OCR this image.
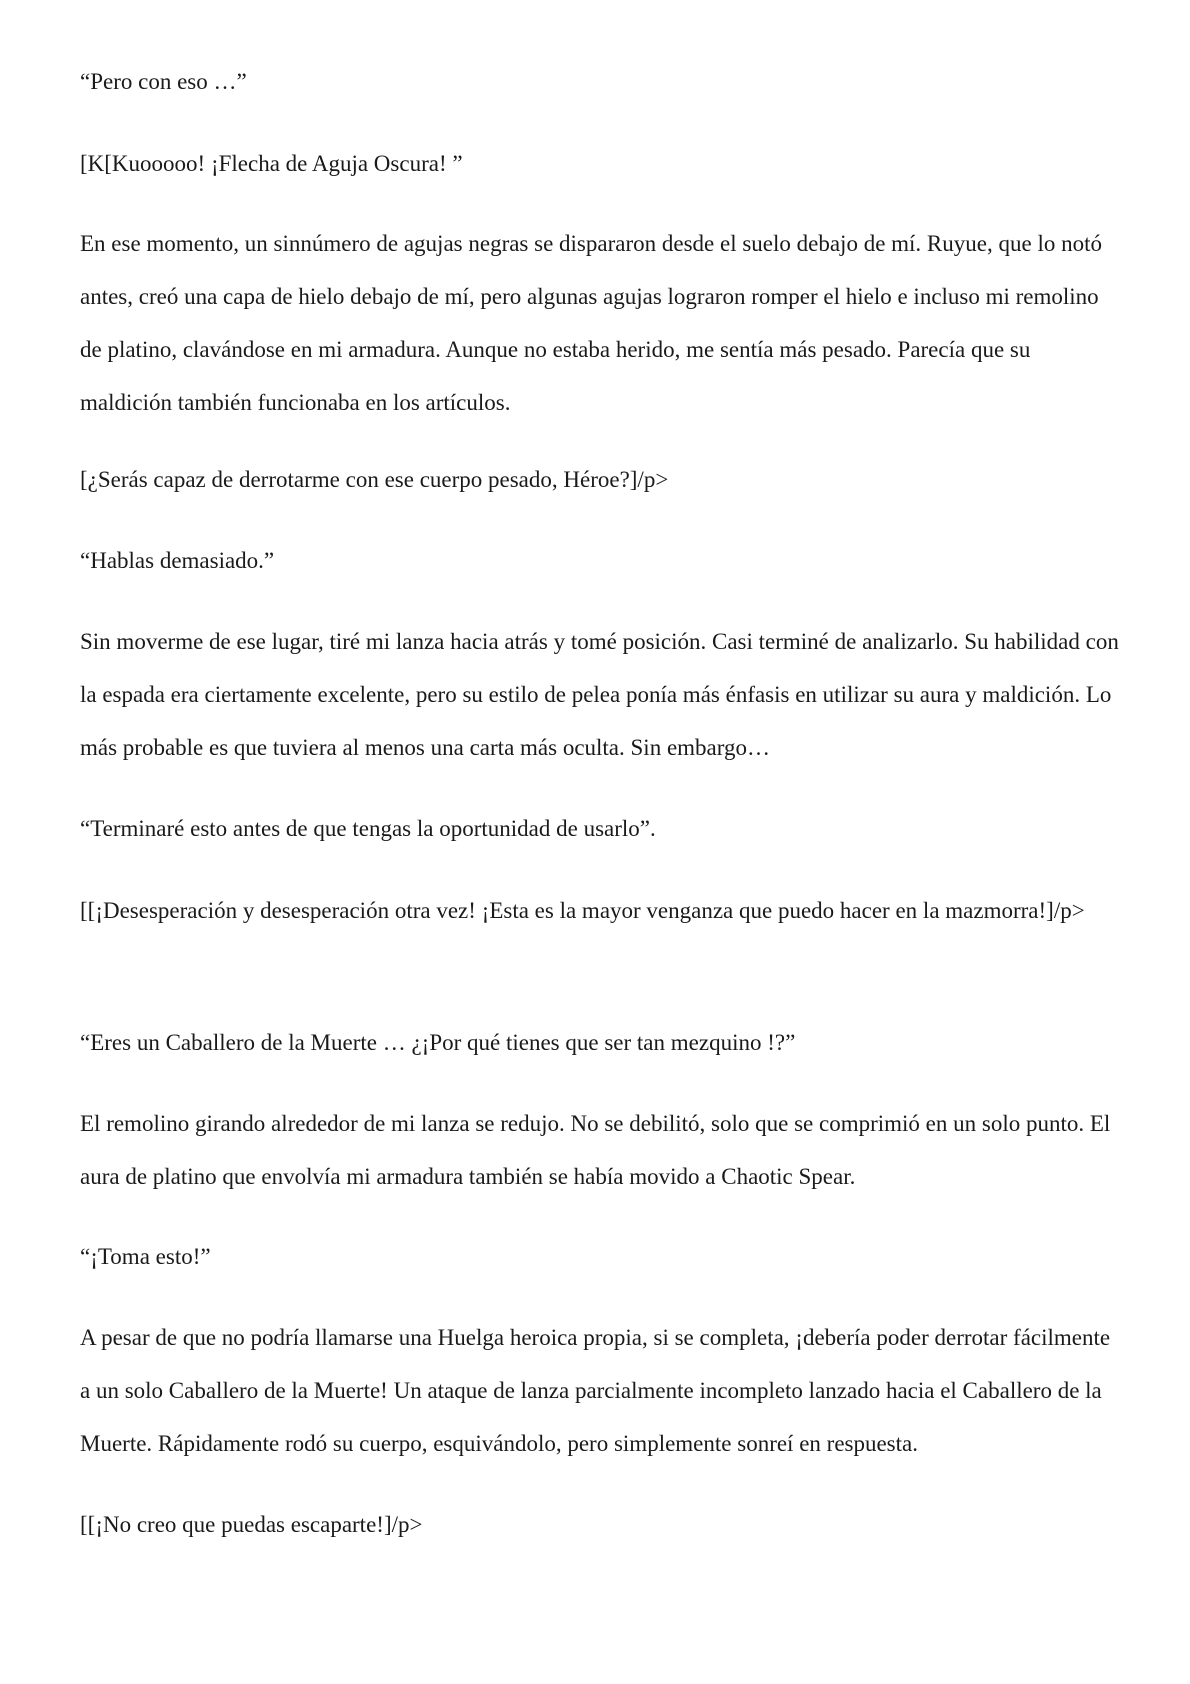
“Pero con eso …”

[K[Kuooooo! ¡Flecha de Aguja Oscura! ”

En ese momento, un sinnúmero de agujas negras se dispararon desde el suelo debajo de mí. Ruyue, que lo notó antes, creó una capa de hielo debajo de mí, pero algunas agujas lograron romper el hielo e incluso mi remolino de platino, clavándose en mi armadura. Aunque no estaba herido, me sentía más pesado. Parecía que su maldición también funcionaba en los artículos.

[¿Serás capaz de derrotarme con ese cuerpo pesado, Héroe?]/p>

“Hablas demasiado.”

Sin moverme de ese lugar, tiré mi lanza hacia atrás y tomé posición. Casi terminé de analizarlo. Su habilidad con la espada era ciertamente excelente, pero su estilo de pelea ponía más énfasis en utilizar su aura y maldición. Lo más probable es que tuviera al menos una carta más oculta. Sin embargo…

“Terminaré esto antes de que tengas la oportunidad de usarlo”.

[[¡Desesperación y desesperación otra vez! ¡Esta es la mayor venganza que puedo hacer en la mazmorra!]/p>

“Eres un Caballero de la Muerte … ¿¡Por qué tienes que ser tan mezquino !?”

El remolino girando alrededor de mi lanza se redujo. No se debilitó, solo que se comprimió en un solo punto. El aura de platino que envolvía mi armadura también se había movido a Chaotic Spear.

“¡Toma esto!”

A pesar de que no podría llamarse una Huelga heroica propia, si se completa, ¡debería poder derrotar fácilmente a un solo Caballero de la Muerte! Un ataque de lanza parcialmente incompleto lanzado hacia el Caballero de la Muerte. Rápidamente rodó su cuerpo, esquivándolo, pero simplemente sonreí en respuesta.

[[¡No creo que puedas escaparte!]/p>
